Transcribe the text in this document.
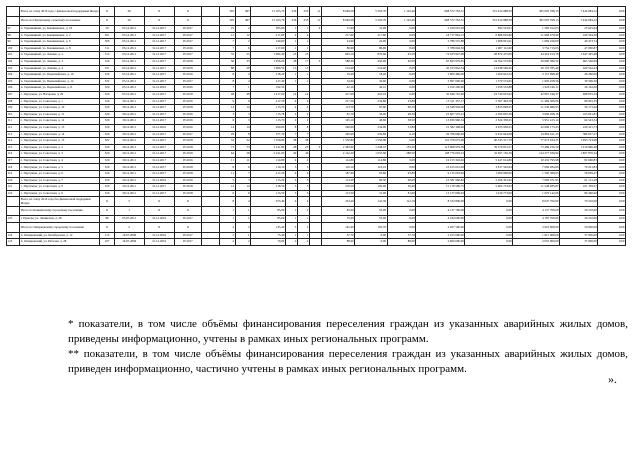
	Всего по этапу 2016 года с финансовой поддержкой Фонда	Х	26	Х	Х		305	497	15 163,70	236	235	11	8 049,58	5 563,70	1 102,40	668 372 763,31	351 614 988,59	305 005 768,13	7 444 084,12	0,00
	Итого по Пертунскому сельскому поселению	Х	26	Х	Х		305	497	15 163,70	236	235	11	8 049,58	5 563,70	1 102,40	668 372 763,31	351 614 988,59	305 005 768,13	7 444 084,12	0,00
97	п. Терешкиный, ул. Кошкиновых, д. 18	50	05.12.2011	31.12.2017	IV.2017		25	2	585,60	1	1	4	31,90	31,90	0,00	2 439 610,28	834 533,01	1 580 012,63	25 625,64	0,00
98	п. Терешкиный, ул. Кошкиновых, д. 2	501	05.12.2011	31.12.2017	IV.2017		12	12	217,60	4	4		217,60	217,60	0,00	18 717 864,15	6 886 819,80	11 668 479,99	160 564,36	0,00
99	п. Терешкиный, ул. Кошкиновых, д. 6	506	05.12.2011	31.12.2017	IV.2017		7	2	240,60	1	1		24,90	24,90	0,00	2 786 575,88	1 068 001,91	1 669 100,00	49 473,74	0,00
100	п. Терешкиный, ул. Кошкиновых, д. 8	511	05.12.2011	31.12.2017	IV.2016		7	6	217,60	1	1		86,90	86,90	0,00	5 788 694,50	1 907 112,60	3 754 713,03	47 000,87	0,00
101	п. Терешкиный, ул. Ленина, д. 2	512	05.12.2011	31.12.2017	IV.2017		35	55	1 982,40	25	25		863,10	870,60	45,50	74 933 947,08	28 874 475,00	44 416 013,78	1 647 495,48	0,00
102	п. Терешкиный, ул. Ленина, д. 3	520	05.12.2011	31.12.2017	IV.2018		50	33	1 956,00	28	17	3	588,30	450,90	40,00	65 843 979,65	24 564 572,90	39 690 580,54	665 546,99	0,00
103	п. Терешкиный, ул. Ленина, д. 4	531	05.12.2011	31.12.2017	IV.2018		88	20	1 980,50	13	13		519,40	519,40	0,00	45 533 842,34	14 948 506,45	30 155 785,46	429 552,43	0,00
104	п. Терешкиный, ул. Первомайская, д. 10	532	05.12.2011	31.12.2017	IV.2016		8	4	218,20	1	1		18,40	18,40	0,00	3 600 460,00	1 460 922,52	2 115 698,40	46 286,00	0,00
105	п. Терешкиный, ул. Первомайская, д. 12	532	05.12.2011	31.12.2017	IV.2017		8	4	217,40	1	1		34,60	34,60	0,00	3 097 600,00	1 370 574,65	1 695 458,56	30 596,30	0,00
106	п. Терешкиный, ул. Первомайская, д. 8	520	05.12.2011	31.12.2016	IV.2016		7	1	192,50				42,10	42,10	0,00	2 010 200,00	1 058 552,88	1 929 160,11	26 102,00	0,00
107	с. Пертунцы, ул. Нагорная, д. 29	520	05.12.2011	31.12.2017	IV.2018		48	48	1 417,00	14	14		417,00	410,10	0,00	50 049 710,90	19 740 025,02	42 807 240,37	698 835,54	0,00
108	с. Пертунцы, ул. Советская, д. 1	520	30.12.2011	31.12.2017	IV.2016		9	9	217,50	4	4		217,50	234,80	23,80	15 311 357,17	5 367 494,78	11 469 506,06	89 925,35	0,00
109	с. Пертунцы, ул. Советская, д. 10	520	30.12.2011	31.12.2017	IV.2018		14	14	113,70	4	4		113,70	97,00	90,70	16 548 959,00	3 853 098,25	11 239 686,93	56 173,46	0,00
110	с. Пертунцы, ул. Советская, д. 11	520	30.12.2011	31.12.2017	IV.2016		3	3	113,78	2	2		81,70	33,40	48,30	10 607 575,21	2 506 605,36	3 906 208,18	103 691,81	0,00
111	с. Пертунцы, ул. Советская, д. 12	520	30.12.2011	31.12.2017	IV.2016		6	3	113,70	2	2		105,10	46,60	58,50	13 939 960,34	2 524 338,25	5 951 415,14	64 543,34	0,00
112	с. Пертунцы, ул. Советская, д. 13	520	30.12.2011	31.12.2016	IV.2016		14	14	260,00	8	8		260,00	234,00	31,80	21 582 308,46	4 935 958,25	22 699 173,45	229 415,73	0,00
113	с. Пертунцы, ул. Советская, д. 14	520	30.12.2011	31.12.2017	IV.2017		29	8	377,70	7	7		265,90	259,80	6,10	29 708 600,69	9 454 944,08	19 864 611,23	389 057,27	0,00
114	с. Пертунцы, ул. Советская, д. 15	502	30.12.2011	31.12.2017	IV.2018		52	52	1 550,80	38	38		1 550,80	1 550,80	0,00	122 378 075,68	40 543 317,78	77 673 034,33	1 093 723,98	0,00
115	с. Пертунцы, ул. Советская, д. 2	520	30.12.2011	31.12.2017	IV.2018		73	73	3 411,80	28	25	3	2 383,60	1 228,10	155,50	113 668 979,58	39 379 812,57	73 489 256,50	1 016 890,48	0,00
116	с. Пертунцы, ул. Советская, д. 3	520	30.12.2011	31.12.2017	IV.2018		64	58	2 241,00	40	40		2 142,20	1 653,60	288,50	108 776 093,23	32 697 136,39	124 277 939,94	1 897 876,34	0,00
117	с. Пертунцы, ул. Советская, д. 4	520	30.12.2011	31.12.2017	IV.2016		11	11	114,80	4	4		114,80	114,80	0,00	16 153 326,40	5 447 614,89	10 432 795,98	82 660,83	0,00
118	с. Пертунцы, ул. Советская, д. 5	520	30.12.2011	31.12.2017	IV.2018		8	6	110,10	3	3		110,10	110,10	0,00	10 615 012,09	3 617 502,94	7 096 284,66	70 221,83	0,00
119	с. Пертунцы, ул. Советская, д. 6	520	30.12.2011	31.12.2017	IV.2018		11	7	217,20	4	4		187,60	93,80	93,80	9 135 003,92	1 000 900,00	1 500 389,63	58 699,47	0,00
120	с. Пертунцы, ул. Советская, д. 7	520	30.12.2011	31.12.2016	IV.2016		5	3	113,20	3	3		113,20	60,50	60,60	10 581 966,82	2 566 301,62	7 066 371,93	61 151,28	0,00
121	с. Пертунцы, ул. Советская, д. 8	520	30.12.2011	31.12.2017	IV.2018		14	14	218,50	5	5		218,50	182,00	36,40	15 178 596,75	5 604 733,03	11 548 285,87	101 339,57	0,00
122	с. Пертунцы, ул. Советская, д. 9	520	30.12.2011	31.12.2017	IV.2018		6	6	113,50	5	5		113,50	31,90	81,60	13 137 096,03	1 019 773,00	1 679 142,06	80 466,60	0,00
	Всего по этапу 2016 года без финансовой поддержки Фонда	Х	5	Х	Х		8	4	253,49	4	4		253,49	141,30	112,19	8 334 800,00	0,00	8 047 700,00	70 210,00	0,00
	Итого по Кошкинскому городскому поселению	Х	1	Х	Х		1	1	85,00	1	1		85,00	55,00	0,00	4 137 700,00	0,00	4 137 700,00	20 210,00	0,00
123	г. Ермолы, ул. Ленинская, д. 28	86	05.07.2011	31.12.2016	IV.2017		1	1	85,00	1	1		55,00	55,00	0,00	4 184 000,00	0,00	4 187 700,00	20 210,00	0,00
	Итого по Ошерковскому городскому поселению	Х	2	Х	Х		4	3	145,40	3	3		145,40	105,70	0,00	4 207 500,00	0,00	3 910 000,00	50 000,00	0,00
124	п. Ошерковский, ул. Октябрьская, д. 12	113	16.07.2006	31.12.2016	IV.2017		2	1	75,40	1	1		57,70	0,00	57,70	2 015 000,00	0,00	1 915 000,00	37 000,00	0,00
125	п. Ошерковский, ул. Рабочая, д. 28	107	16.07.2006	31.12.2016	IV.2017		2	2	70,00	2	2		88,00	0,00	88,00	2 600 000,00	0,00	2 055 000,00	37 000,00	0,00

* показатели, в том числе объёмы финансирования переселения граждан из указанных аварийных жилых домов, приведены информационно, учтены в рамках иных региональных программ.

** показатели, в том числе объёмы финансирования переселения граждан из указанных аварийных жилых домов, приведен информационно, частично учтены в рамках иных региональных программ.

».
